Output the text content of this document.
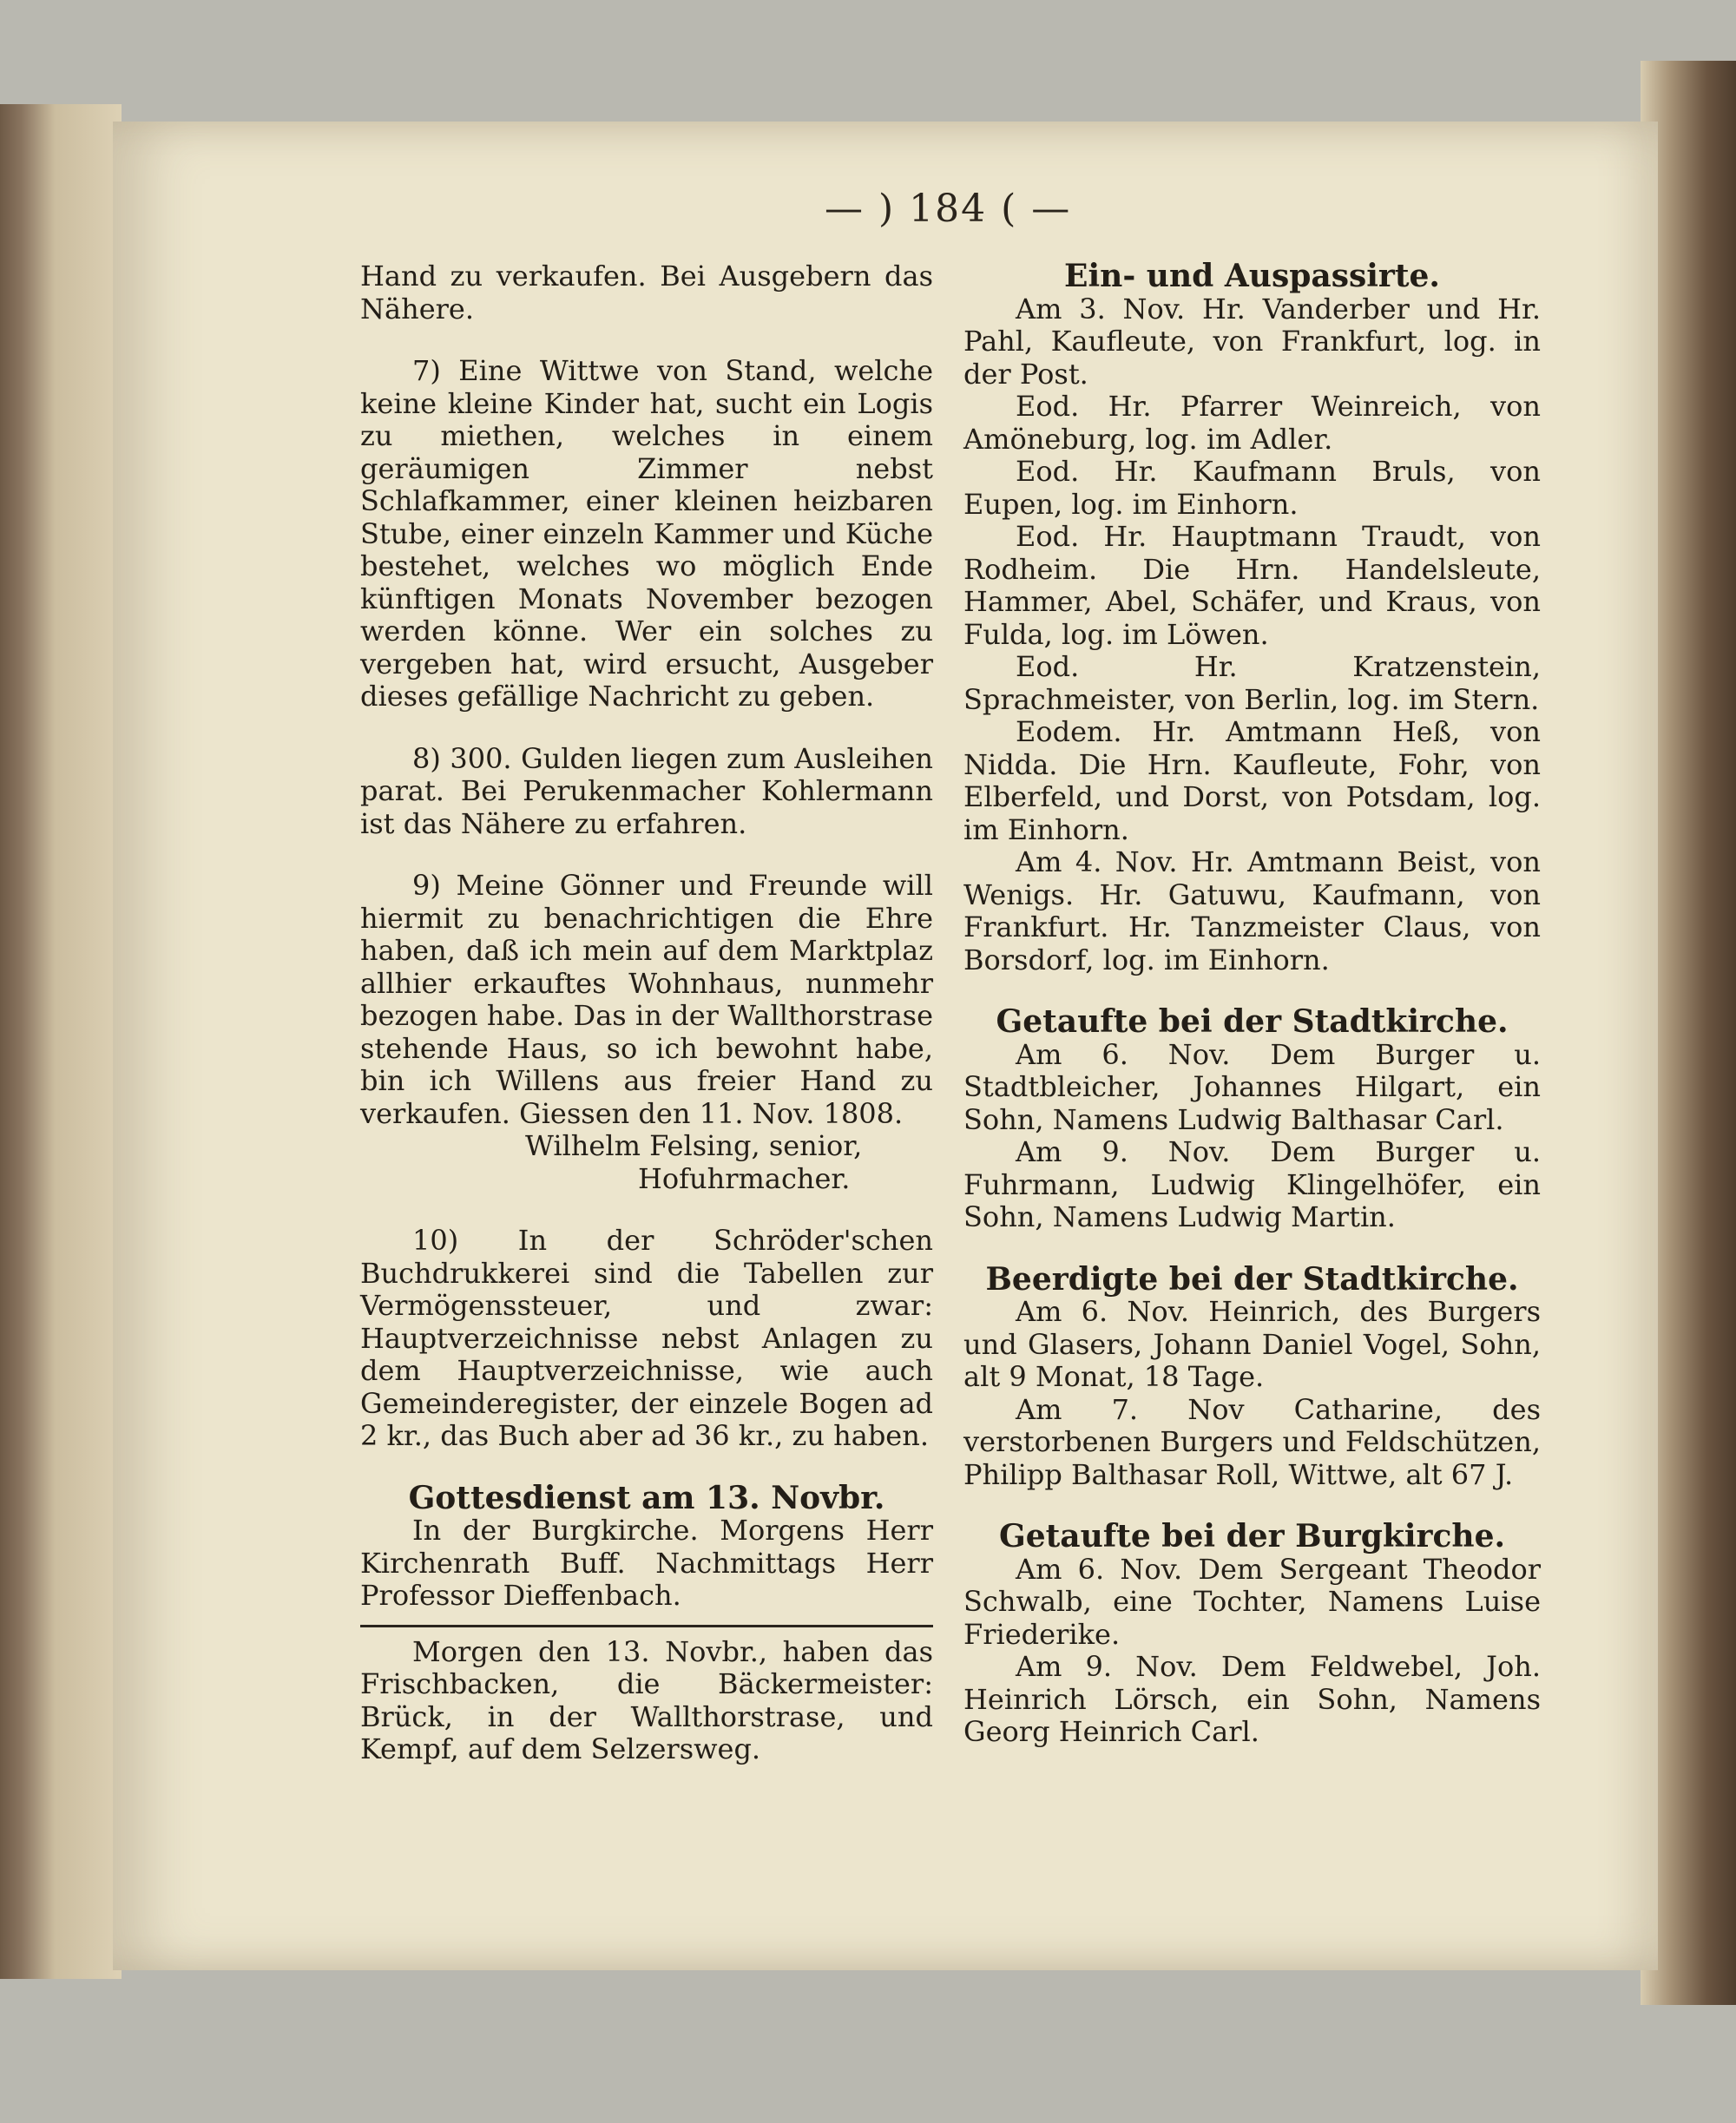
— ) 184 ( —

Hand zu verkaufen. Bei Ausgebern das Nähere.

7) Eine Wittwe von Stand, welche keine kleine Kinder hat, sucht ein Logis zu miethen, welches in einem geräumigen Zimmer nebst Schlafkammer, einer kleinen heizbaren Stube, einer einzeln Kammer und Küche bestehet, welches wo möglich Ende künftigen Monats November bezogen werden könne. Wer ein solches zu vergeben hat, wird ersucht, Ausgeber dieses gefällige Nachricht zu geben.

8) 300. Gulden liegen zum Ausleihen parat. Bei Perukenmacher Kohlermann ist das Nähere zu erfahren.

9) Meine Gönner und Freunde will hiermit zu benachrichtigen die Ehre haben, daß ich mein auf dem Marktplaz allhier erkauftes Wohnhaus, nunmehr bezogen habe. Das in der Wallthorstrase stehende Haus, so ich bewohnt habe, bin ich Willens aus freier Hand zu verkaufen. Giessen den 11. Nov. 1808.

Wilhelm Felsing, senior,

Hofuhrmacher.

10) In der Schröder'schen Buchdrukkerei sind die Tabellen zur Vermögenssteuer, und zwar: Hauptverzeichnisse nebst Anlagen zu dem Hauptverzeichnisse, wie auch Gemeinderegister, der einzele Bogen ad 2 kr., das Buch aber ad 36 kr., zu haben.

Gottesdienst am 13. Novbr.

In der Burgkirche. Morgens Herr Kirchenrath Buff. Nachmittags Herr Professor Dieffenbach.

Morgen den 13. Novbr., haben das Frischbacken, die Bäckermeister: Brück, in der Wallthorstrase, und Kempf, auf dem Selzersweg.

Ein- und Auspassirte.

Am 3. Nov. Hr. Vanderber und Hr. Pahl, Kaufleute, von Frankfurt, log. in der Post.

Eod. Hr. Pfarrer Weinreich, von Amöneburg, log. im Adler.

Eod. Hr. Kaufmann Bruls, von Eupen, log. im Einhorn.

Eod. Hr. Hauptmann Traudt, von Rodheim. Die Hrn. Handelsleute, Hammer, Abel, Schäfer, und Kraus, von Fulda, log. im Löwen.

Eod. Hr. Kratzenstein, Sprachmeister, von Berlin, log. im Stern.

Eodem. Hr. Amtmann Heß, von Nidda. Die Hrn. Kaufleute, Fohr, von Elberfeld, und Dorst, von Potsdam, log. im Einhorn.

Am 4. Nov. Hr. Amtmann Beist, von Wenigs. Hr. Gatuwu, Kaufmann, von Frankfurt. Hr. Tanzmeister Claus, von Borsdorf, log. im Einhorn.

Getaufte bei der Stadtkirche.

Am 6. Nov. Dem Burger u. Stadtbleicher, Johannes Hilgart, ein Sohn, Namens Ludwig Balthasar Carl.

Am 9. Nov. Dem Burger u. Fuhrmann, Ludwig Klingelhöfer, ein Sohn, Namens Ludwig Martin.

Beerdigte bei der Stadtkirche.

Am 6. Nov. Heinrich, des Burgers und Glasers, Johann Daniel Vogel, Sohn, alt 9 Monat, 18 Tage.

Am 7. Nov Catharine, des verstorbenen Burgers und Feldschützen, Philipp Balthasar Roll, Wittwe, alt 67 J.

Getaufte bei der Burgkirche.

Am 6. Nov. Dem Sergeant Theodor Schwalb, eine Tochter, Namens Luise Friederike.

Am 9. Nov. Dem Feldwebel, Joh. Heinrich Lörsch, ein Sohn, Namens Georg Heinrich Carl.
